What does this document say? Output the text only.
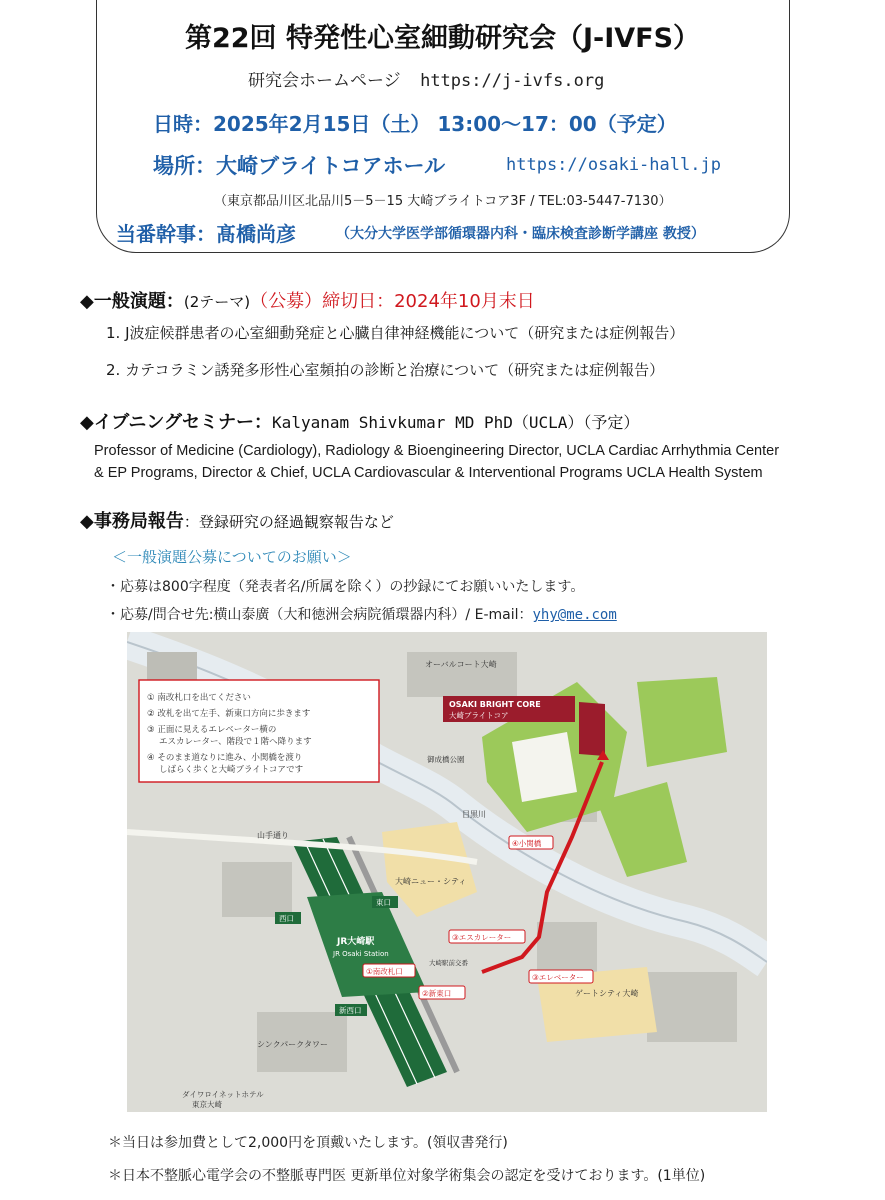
第22回 特発性心室細動研究会（J-IVFS）
研究会ホームページ https://j-ivfs.org
日時：2025年2月15日（土） 13:00〜17：00（予定）
場所：大崎ブライトコアホール	https://osaki-hall.jp
（東京都品川区北品川5－5－15 大崎ブライトコア3F / TEL:03-5447-7130）
当番幹事：髙橋尚彦	（大分大学医学部循環器内科・臨床検査診断学講座 教授）
◆一般演題：(2テーマ)（公募）締切日：2024年10月末日
1. J波症候群患者の心室細動発症と心臓自律神経機能について（研究または症例報告）
2. カテコラミン誘発多形性心室頻拍の診断と治療について（研究または症例報告）
◆イブニングセミナー：Kalyanam Shivkumar MD PhD（UCLA）（予定）
Professor of Medicine (Cardiology), Radiology & Bioengineering Director, UCLA Cardiac Arrhythmia Center
& EP Programs, Director & Chief, UCLA Cardiovascular & Interventional Programs UCLA Health System
◆事務局報告：登録研究の経過観察報告など
＜一般演題公募についてのお願い＞
・応募は800字程度（発表者名/所属を除く）の抄録にてお願いいたします。
・応募/問合せ先:横山泰廣（大和徳洲会病院循環器内科）/ E-mail：yhy@me.com
① 南改札口を出てください
② 改札を出て左手、新東口方向に歩きます
③ 正面に見えるエレベーター横の
エスカレーター、階段で１階へ降ります
④ そのまま道なりに進み、小関橋を渡り
しばらく歩くと大崎ブライトコアです
OSAKI BRIGHT CORE
大崎ブライトコア
オーバルコート大崎
御成橋公園
目黒川
山手通り
大崎ニュー・シティ
ゲートシティ大崎
シンクパークタワー
ダイワロイネットホテル
東京大崎
JR大崎駅
JR Osaki Station
西口
東口
新西口
大崎駅前交番
④小関橋
③エスカレーター
③エレベーター
①南改札口
②新東口
＊当日は参加費として2,000円を頂戴いたします。(領収書発行)
＊日本不整脈心電学会の不整脈専門医 更新単位対象学術集会の認定を受けております。(1単位)
